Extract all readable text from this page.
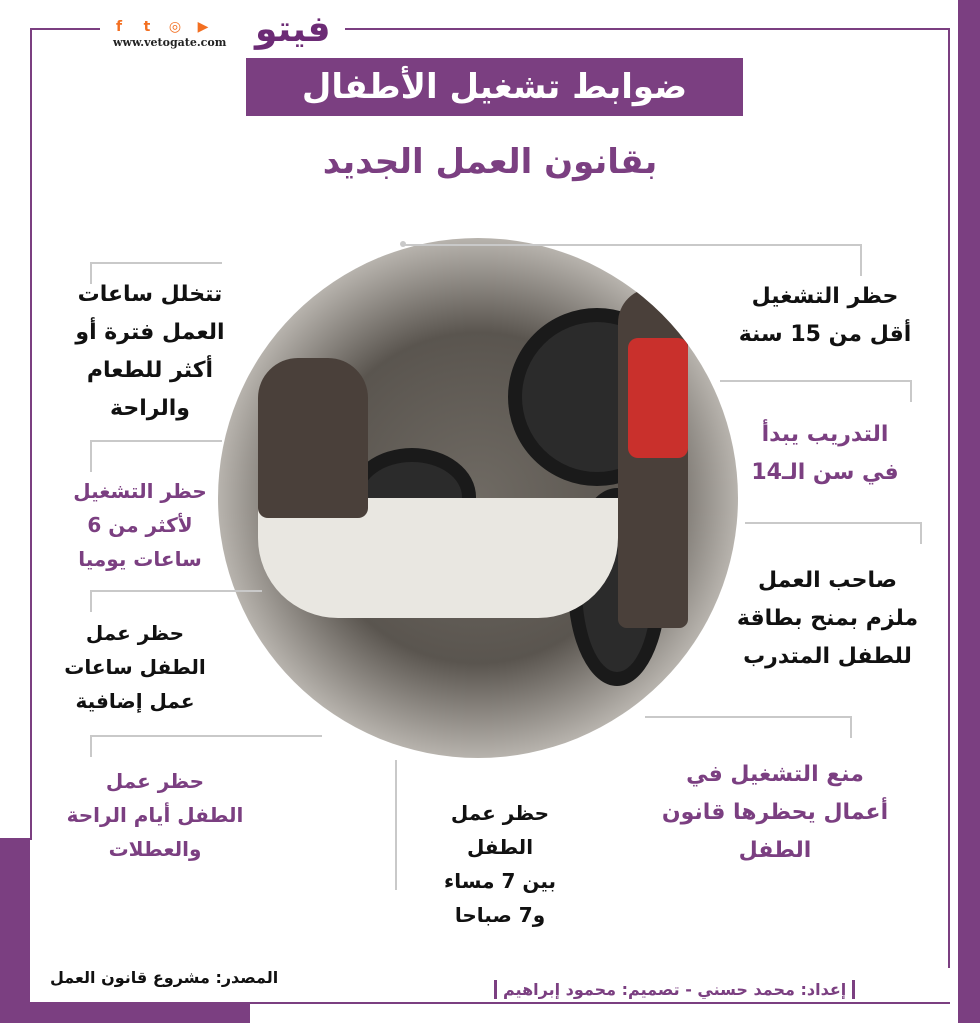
f	t	◎ ▶
www.vetogate.com فيتو
ضوابط تشغيل الأطفال
بقانون العمل الجديد
حظر التشغيل
أقل من 15 سنة
التدريب يبدأ
في سن الـ14
صاحب العمل
ملزم بمنح بطاقة
للطفل المتدرب
منع التشغيل في
أعمال يحظرها قانون
الطفل
تتخلل ساعات
العمل فترة أو
أكثر للطعام
والراحة
حظر التشغيل
لأكثر من 6
ساعات يوميا
حظر عمل
الطفل ساعات
عمل إضافية
حظر عمل
الطفل أيام الراحة
والعطلات
حظر عمل
الطفل
بين 7 مساء
و7 صباحا
المصدر: مشروع قانون العمل
إعداد: محمد حسني - تصميم: محمود إبراهيم
